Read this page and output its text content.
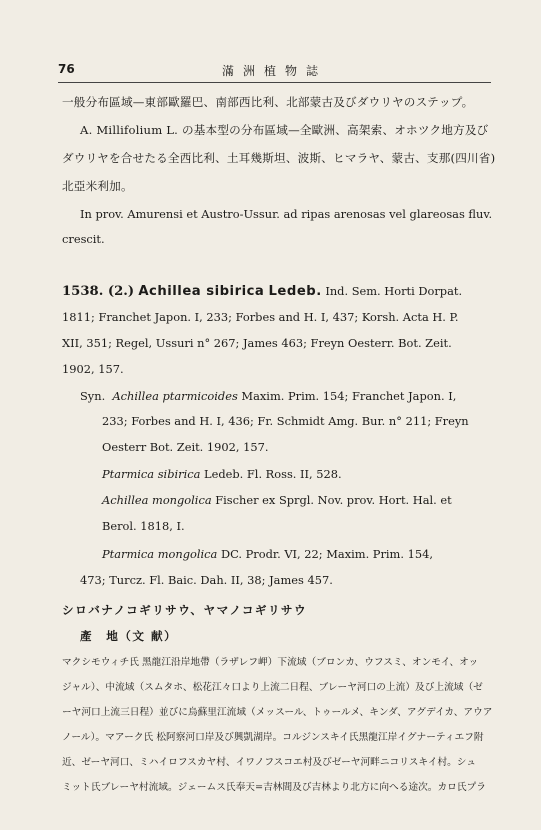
76	滿洲植物誌
一般分布區域—東部歐羅巴、南部西比利、北部蒙古及びダウリヤのステップ。
A. Millifolium L. の基本型の分布區域—全歐洲、高架索、オホツク地方及び
ダウリヤを合せたる全西比利、土耳幾斯坦、波斯、ヒマラヤ、蒙古、支那(四川省)
北亞米利加。
In prov. Amurensi et Austro-Ussur. ad ripas arenosas vel glareosas fluv.
crescit.
1538. (2.) Achillea sibirica Ledeb. Ind. Sem. Horti Dorpat.
1811; Franchet Japon. I, 233; Forbes and H. I, 437; Korsh. Acta H. P.
XII, 351; Regel, Ussuri n° 267; James 463; Freyn Oesterr. Bot. Zeit.
1902, 157.
Syn. Achillea ptarmicoides Maxim. Prim. 154; Franchet Japon. I,
233; Forbes and H. I, 436; Fr. Schmidt Amg. Bur. n° 211; Freyn
Oesterr Bot. Zeit. 1902, 157.
Ptarmica sibirica Ledeb. Fl. Ross. II, 528.
Achillea mongolica Fischer ex Sprgl. Nov. prov. Hort. Hal. et
Berol. 1818, I.
Ptarmica mongolica DC. Prodr. VI, 22; Maxim. Prim. 154,
473; Turcz. Fl. Baic. Dah. II, 38; James 457.
シロバナノコギリサウ、ヤマノコギリサウ
產　地（文 献）
マクシモウィチ氏 黑龍江沿岸地帶（ラザレフ岬）下流域（ブロンカ、ウフスミ、オンモイ、オッ
ジャル）、中流域（スムタホ、松花江々口より上流二日程、ブレーヤ河口の上流）及び上流域（ゼ
ーヤ河口上流三日程）並びに烏蘇里江流域（メッスール、トゥールメ、キンダ、アグデイカ、アウア
ノール）。マアーク氏 松阿察河口岸及び興凱湖岸。コルジンスキイ氏黑龍江岸イグナーティエフ附
近、ゼーヤ河口、ミハイロフスカヤ村、イワノフスコエ村及びゼーヤ河畔ニコリスキイ村。シュ
ミット氏ブレーヤ村流域。ジェームス氏奉天=吉林間及び吉林より北方に向へる途次。カロ氏プラ
